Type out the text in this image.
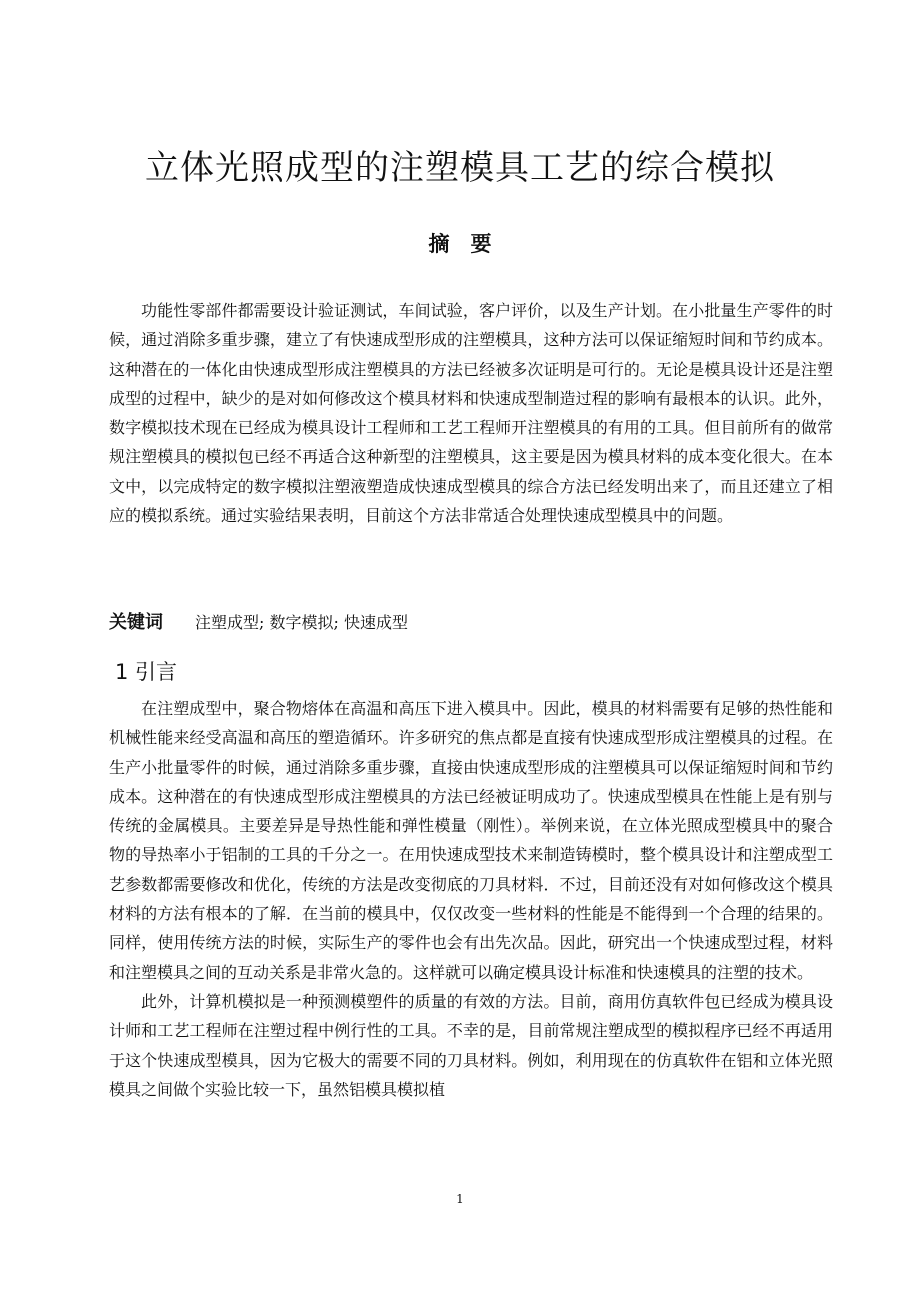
立体光照成型的注塑模具工艺的综合模拟
摘　要

功能性零部件都需要设计验证测试，车间试验，客户评价，以及生产计划。在小批量生产零件的时候，通过消除多重步骤，建立了有快速成型形成的注塑模具，这种方法可以保证缩短时间和节约成本。这种潜在的一体化由快速成型形成注塑模具的方法已经被多次证明是可行的。无论是模具设计还是注塑成型的过程中，缺少的是对如何修改这个模具材料和快速成型制造过程的影响有最根本的认识。此外，数字模拟技术现在已经成为模具设计工程师和工艺工程师开注塑模具的有用的工具。但目前所有的做常规注塑模具的模拟包已经不再适合这种新型的注塑模具，这主要是因为模具材料的成本变化很大。在本文中，以完成特定的数字模拟注塑液塑造成快速成型模具的综合方法已经发明出来了，而且还建立了相应的模拟系统。通过实验结果表明，目前这个方法非常适合处理快速成型模具中的问题。

关键词 注塑成型; 数字模拟; 快速成型
1 引言

在注塑成型中，聚合物熔体在高温和高压下进入模具中。因此，模具的材料需要有足够的热性能和机械性能来经受高温和高压的塑造循环。许多研究的焦点都是直接有快速成型形成注塑模具的过程。在生产小批量零件的时候，通过消除多重步骤，直接由快速成型形成的注塑模具可以保证缩短时间和节约成本。这种潜在的有快速成型形成注塑模具的方法已经被证明成功了。快速成型模具在性能上是有别与传统的金属模具。主要差异是导热性能和弹性模量（刚性）。举例来说，在立体光照成型模具中的聚合物的导热率小于铝制的工具的千分之一。在用快速成型技术来制造铸模时，整个模具设计和注塑成型工艺参数都需要修改和优化，传统的方法是改变彻底的刀具材料．不过，目前还没有对如何修改这个模具材料的方法有根本的了解．在当前的模具中，仅仅改变一些材料的性能是不能得到一个合理的结果的。同样，使用传统方法的时候，实际生产的零件也会有出先次品。因此，研究出一个快速成型过程，材料和注塑模具之间的互动关系是非常火急的。这样就可以确定模具设计标准和快速模具的注塑的技术。

此外，计算机模拟是一种预测模塑件的质量的有效的方法。目前，商用仿真软件包已经成为模具设计师和工艺工程师在注塑过程中例行性的工具。不幸的是，目前常规注塑成型的模拟程序已经不再适用于这个快速成型模具，因为它极大的需要不同的刀具材料。例如，利用现在的仿真软件在铝和立体光照模具之间做个实验比较一下，虽然铝模具模拟植

1
